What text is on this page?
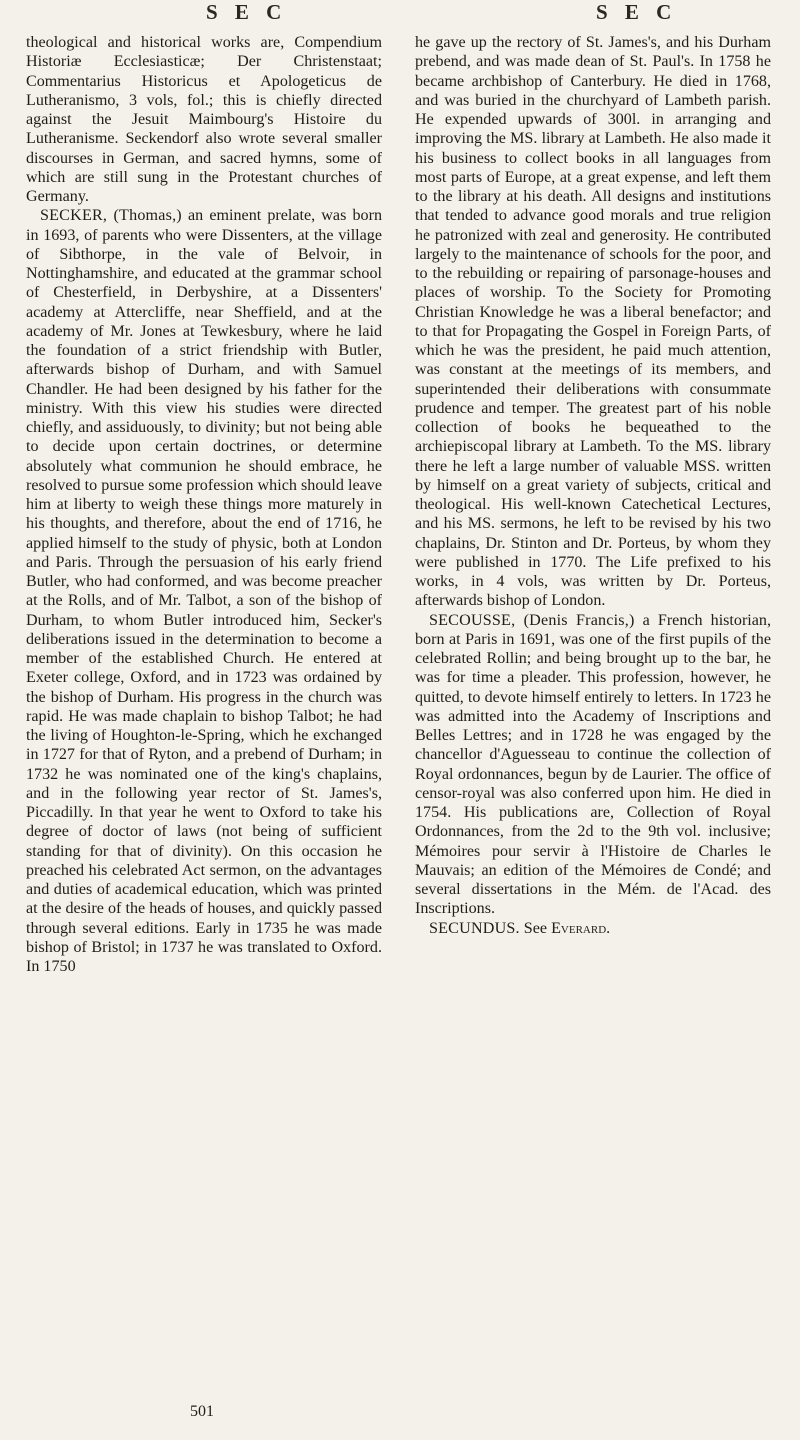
S E C	S E C

theological and historical works are, Compendium Historiæ Ecclesiasticæ; Der Christenstaat; Commentarius Historicus et Apologeticus de Lutheranismo, 3 vols, fol.; this is chiefly directed against the Jesuit Maimbourg's Histoire du Lutheranisme. Seckendorf also wrote several smaller discourses in German, and sacred hymns, some of which are still sung in the Protestant churches of Germany.

SECKER, (Thomas,) an eminent prelate, was born in 1693, of parents who were Dissenters, at the village of Sibthorpe, in the vale of Belvoir, in Nottinghamshire, and educated at the grammar school of Chesterfield, in Derbyshire, at a Dissenters' academy at Attercliffe, near Sheffield, and at the academy of Mr. Jones at Tewkesbury, where he laid the foundation of a strict friendship with Butler, afterwards bishop of Durham, and with Samuel Chandler. He had been designed by his father for the ministry. With this view his studies were directed chiefly, and assiduously, to divinity; but not being able to decide upon certain doctrines, or determine absolutely what communion he should embrace, he resolved to pursue some profession which should leave him at liberty to weigh these things more maturely in his thoughts, and therefore, about the end of 1716, he applied himself to the study of physic, both at London and Paris. Through the persuasion of his early friend Butler, who had conformed, and was become preacher at the Rolls, and of Mr. Talbot, a son of the bishop of Durham, to whom Butler introduced him, Secker's deliberations issued in the determination to become a member of the established Church. He entered at Exeter college, Oxford, and in 1723 was ordained by the bishop of Durham. His progress in the church was rapid. He was made chaplain to bishop Talbot; he had the living of Houghton-le-Spring, which he exchanged in 1727 for that of Ryton, and a prebend of Durham; in 1732 he was nominated one of the king's chaplains, and in the following year rector of St. James's, Piccadilly. In that year he went to Oxford to take his degree of doctor of laws (not being of sufficient standing for that of divinity). On this occasion he preached his celebrated Act sermon, on the advantages and duties of academical education, which was printed at the desire of the heads of houses, and quickly passed through several editions. Early in 1735 he was made bishop of Bristol; in 1737 he was translated to Oxford. In 1750

he gave up the rectory of St. James's, and his Durham prebend, and was made dean of St. Paul's. In 1758 he became archbishop of Canterbury. He died in 1768, and was buried in the churchyard of Lambeth parish. He expended upwards of 300l. in arranging and improving the MS. library at Lambeth. He also made it his business to collect books in all languages from most parts of Europe, at a great expense, and left them to the library at his death. All designs and institutions that tended to advance good morals and true religion he patronized with zeal and generosity. He contributed largely to the maintenance of schools for the poor, and to the rebuilding or repairing of parsonage-houses and places of worship. To the Society for Promoting Christian Knowledge he was a liberal benefactor; and to that for Propagating the Gospel in Foreign Parts, of which he was the president, he paid much attention, was constant at the meetings of its members, and superintended their deliberations with consummate prudence and temper. The greatest part of his noble collection of books he bequeathed to the archiepiscopal library at Lambeth. To the MS. library there he left a large number of valuable MSS. written by himself on a great variety of subjects, critical and theological. His well-known Catechetical Lectures, and his MS. sermons, he left to be revised by his two chaplains, Dr. Stinton and Dr. Porteus, by whom they were published in 1770. The Life prefixed to his works, in 4 vols, was written by Dr. Porteus, afterwards bishop of London.

SECOUSSE, (Denis Francis,) a French historian, born at Paris in 1691, was one of the first pupils of the celebrated Rollin; and being brought up to the bar, he was for time a pleader. This profession, however, he quitted, to devote himself entirely to letters. In 1723 he was admitted into the Academy of Inscriptions and Belles Lettres; and in 1728 he was engaged by the chancellor d'Aguesseau to continue the collection of Royal ordonnances, begun by de Laurier. The office of censor-royal was also conferred upon him. He died in 1754. His publications are, Collection of Royal Ordonnances, from the 2d to the 9th vol. inclusive; Mémoires pour servir à l'Histoire de Charles le Mauvais; an edition of the Mémoires de Condé; and several dissertations in the Mém. de l'Acad. des Inscriptions.

SECUNDUS. See Everard.

501
